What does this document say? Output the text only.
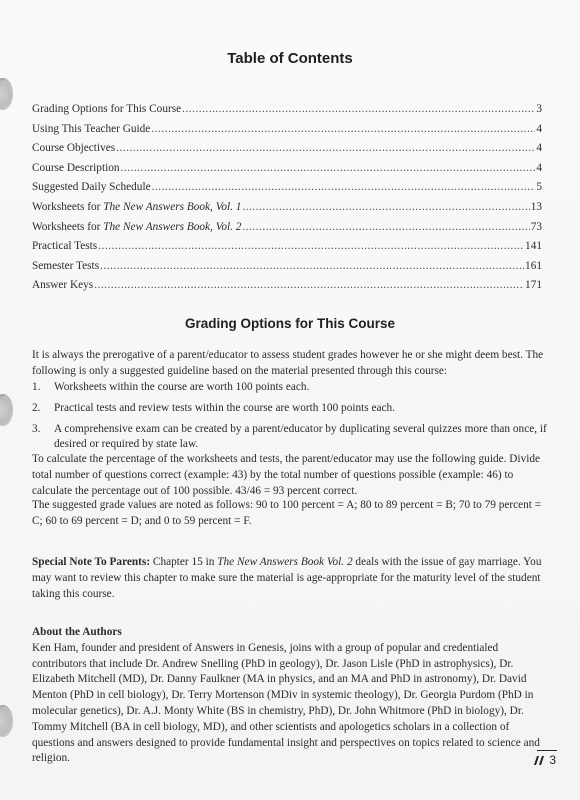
Table of Contents
Grading Options for This Course .....	3
Using This Teacher Guide .....	4
Course Objectives .....	4
Course Description .....	4
Suggested Daily Schedule .....	5
Worksheets for The New Answers Book, Vol. 1 .....	13
Worksheets for The New Answers Book, Vol. 2 .....	73
Practical Tests .....	141
Semester Tests .....	161
Answer Keys .....	171
Grading Options for This Course

It is always the prerogative of a parent/educator to assess student grades however he or she might deem best. The following is only a suggested guideline based on the material presented through this course:

1.	Worksheets within the course are worth 100 points each.
2.	Practical tests and review tests within the course are worth 100 points each.
3.	A comprehensive exam can be created by a parent/educator by duplicating several quizzes more than once, if desired or required by state law.

To calculate the percentage of the worksheets and tests, the parent/educator may use the following guide. Divide total number of questions correct (example: 43) by the total number of questions possible (example: 46) to calculate the percentage out of 100 possible. 43/46 = 93 percent correct.

The suggested grade values are noted as follows: 90 to 100 percent = A; 80 to 89 percent = B; 70 to 79 percent = C; 60 to 69 percent = D; and 0 to 59 percent = F.

Special Note To Parents: Chapter 15 in The New Answers Book Vol. 2 deals with the issue of gay marriage. You may want to review this chapter to make sure the material is age-appropriate for the maturity level of the student taking this course.

About the Authors
Ken Ham, founder and president of Answers in Genesis, joins with a group of popular and credentialed contributors that include Dr. Andrew Snelling (PhD in geology), Dr. Jason Lisle (PhD in astrophysics), Dr. Elizabeth Mitchell (MD), Dr. Danny Faulkner (MA in physics, and an MA and PhD in astronomy), Dr. David Menton (PhD in cell biology), Dr. Terry Mortenson (MDiv in systemic theology), Dr. Georgia Purdom (PhD in molecular genetics), Dr. A.J. Monty White (BS in chemistry, PhD), Dr. John Whitmore (PhD in biology), Dr. Tommy Mitchell (BA in cell biology, MD), and other scientists and apologetics scholars in a collection of questions and answers designed to provide fundamental insight and perspectives on topics related to science and religion.	3
